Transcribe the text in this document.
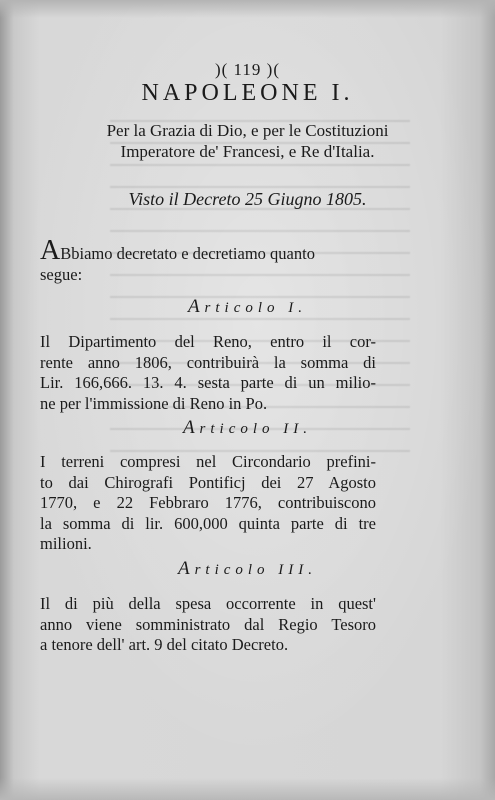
)( 119 )(
NAPOLEONE I.
Per la Grazia di Dio, e per le Costituzioni
Imperatore de' Francesi, e Re d'Italia.
Visto il Decreto 25 Giugno 1805.
ABbiamo decretato e decretiamo quanto
segue:
Articolo I.
Il Dipartimento del Reno, entro il cor-
rente anno 1806, contribuirà la somma di
Lir. 166,666. 13. 4. sesta parte di un milio-
ne per l'immissione di Reno in Po.
Articolo II.
I terreni compresi nel Circondario prefini-
to dai Chirografi Pontificj dei 27 Agosto
1770, e 22 Febbraro 1776, contribuiscono
la somma di lir. 600,000 quinta parte di tre
milioni.
Articolo III.
Il di più della spesa occorrente in quest'
anno viene somministrato dal Regio Tesoro
a tenore dell' art. 9 del citato Decreto.
